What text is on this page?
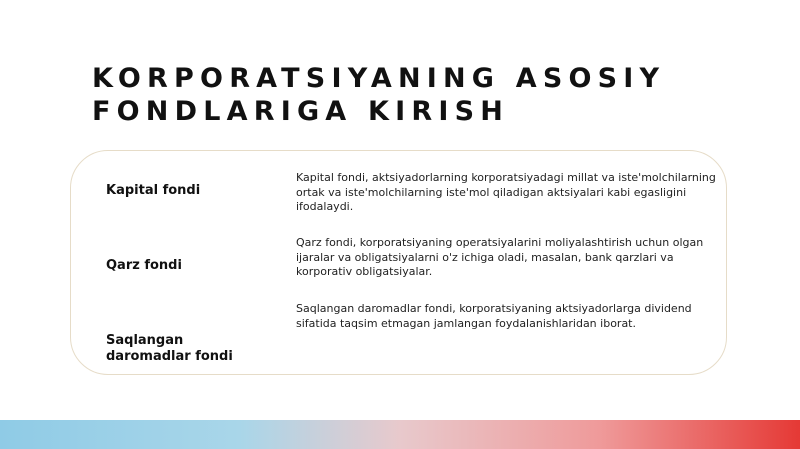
KORPORATSIYANING ASOSIY
FONDLARIGA KIRISH
Kapital fondi
Kapital fondi, aktsiyadorlarning korporatsiyadagi millat va iste'molchilarning ortak va iste'molchilarning iste'mol qiladigan aktsiyalari kabi egasligini ifodalaydi.
Qarz fondi
Qarz fondi, korporatsiyaning operatsiyalarini moliyalashtirish uchun olgan ijaralar va obligatsiyalarni o'z ichiga oladi, masalan, bank qarzlari va korporativ obligatsiyalar.
Saqlangan daromadlar fondi
Saqlangan daromadlar fondi, korporatsiyaning aktsiyadorlarga dividend sifatida taqsim etmagan jamlangan foydalanishlaridan iborat.
